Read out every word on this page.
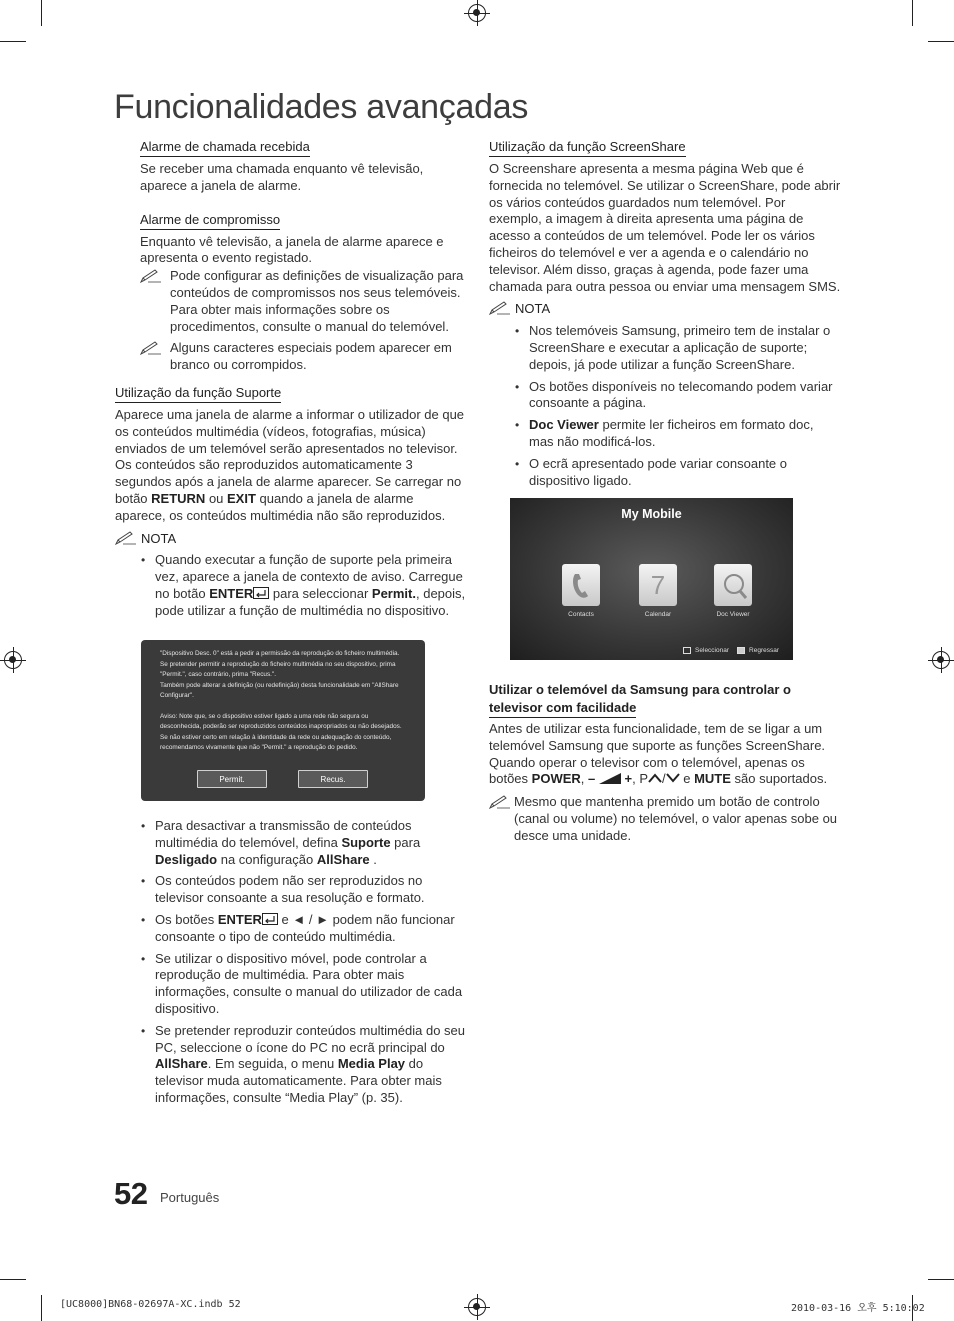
Funcionalidades avançadas
Alarme de chamada recebida

Se receber uma chamada enquanto vê televisão, aparece a janela de alarme.

Alarme de compromisso

Enquanto vê televisão, a janela de alarme aparece e apresenta o evento registado.

Pode configurar as definições de visualização para conteúdos de compromissos nos seus telemóveis. Para obter mais informações sobre os procedimentos, consulte o manual do telemóvel.

Alguns caracteres especiais podem aparecer em branco ou corrompidos.

Utilização da função Suporte

Aparece uma janela de alarme a informar o utilizador de que os conteúdos multimédia (vídeos, fotografias, música) enviados de um telemóvel serão apresentados no televisor. Os conteúdos são reproduzidos automaticamente 3 segundos após a janela de alarme aparecer. Se carregar no botão RETURN ou EXIT quando a janela de alarme aparece, os conteúdos multimédia não são reproduzidos.

NOTA
• Quando executar a função de suporte pela primeira vez, aparece a janela de contexto de aviso. Carregue no botão ENTER para seleccionar Permit., depois, pode utilizar a função de multimédia no dispositivo.
"Dispositivo Desc. 0" está a pedir a permissão da reprodução do ficheiro multimédia.
Se pretender permitir a reprodução do ficheiro multimédia no seu dispositivo, prima "Permit.", caso contrário, prima "Recus.".
Também pode alterar a definição (ou redefinição) desta funcionalidade em "AllShare Configurar".
Aviso: Note que, se o dispositivo estiver ligado a uma rede não segura ou desconhecida, poderão ser reproduzidos conteúdos inapropriados ou não desejados.
Se não estiver certo em relação à identidade da rede ou adequação do conteúdo, recomendamos vivamente que não "Permit." a reprodução do pedido.
Permit.	Recus.
• Para desactivar a transmissão de conteúdos multimédia do telemóvel, defina Suporte para Desligado na configuração AllShare .
• Os conteúdos podem não ser reproduzidos no televisor consoante a sua resolução e formato.
• Os botões ENTER e ◄ / ► podem não funcionar consoante o tipo de conteúdo multimédia.
• Se utilizar o dispositivo móvel, pode controlar a reprodução de multimédia. Para obter mais informações, consulte o manual do utilizador de cada dispositivo.
• Se pretender reproduzir conteúdos multimédia do seu PC, seleccione o ícone do PC no ecrã principal do AllShare. Em seguida, o menu Media Play do televisor muda automaticamente. Para obter mais informações, consulte “Media Play” (p. 35).
Utilização da função ScreenShare

O Screenshare apresenta a mesma página Web que é fornecida no telemóvel. Se utilizar o ScreenShare, pode abrir os vários conteúdos guardados num telemóvel. Por exemplo, a imagem à direita apresenta uma página de acesso a conteúdos de um telemóvel. Pode ler os vários ficheiros do telemóvel e ver a agenda e o calendário no televisor. Além disso, graças à agenda, pode fazer uma chamada para outra pessoa ou enviar uma mensagem SMS.

NOTA
• Nos telemóveis Samsung, primeiro tem de instalar o ScreenShare e executar a aplicação de suporte; depois, já pode utilizar a função ScreenShare.
• Os botões disponíveis no telecomando podem variar consoante a página.
• Doc Viewer permite ler ficheiros em formato doc, mas não modificá-los.
• O ecrã apresentado pode variar consoante o dispositivo ligado.
My Mobile
Contacts
7
Calendar	Doc Viewer
Seleccionar	Regressar
Utilizar o telemóvel da Samsung para controlar o
televisor com facilidade

Antes de utilizar esta funcionalidade, tem de se ligar a um telemóvel Samsung que suporte as funções ScreenShare. Quando operar o televisor com o telemóvel, apenas os botões POWER, – +, P / e MUTE são suportados.

Mesmo que mantenha premido um botão de controlo (canal ou volume) no telemóvel, o valor apenas sobe ou desce uma unidade.

52 Português
[UC8000]BN68-02697A-XC.indb 52	2010-03-16 오후 5:10:02
